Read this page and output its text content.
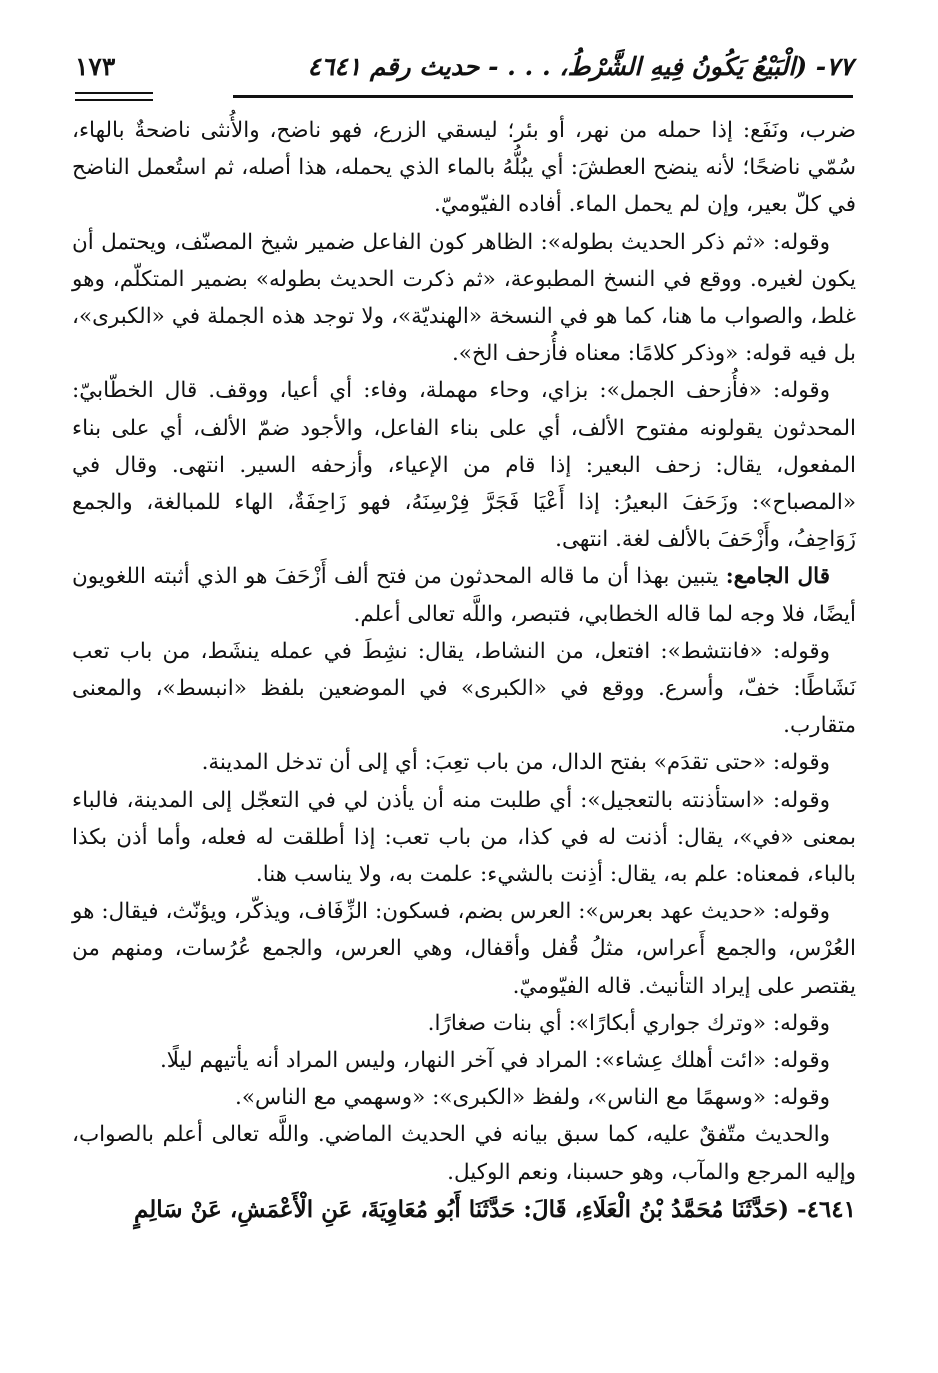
٧٧- (الْبَيْعُ يَكُونُ فِيهِ الشَّرْطُ، . . . - حديث رقم ٤٦٤١
١٧٣

ضرب، ونَفَع: إذا حمله من نهر، أو بئر؛ ليسقي الزرع، فهو ناضح، والأُنثى ناضحةٌ بالهاء، سُمّي ناضحًا؛ لأنه ينضح العطشَ: أي يبُلُّهُ بالماء الذي يحمله، هذا أصله، ثم استُعمل الناضح في كلّ بعير، وإن لم يحمل الماء. أفاده الفيّوميّ.

وقوله: «ثم ذكر الحديث بطوله»: الظاهر كون الفاعل ضمير شيخ المصنّف، ويحتمل أن يكون لغيره. ووقع في النسخ المطبوعة، «ثم ذكرت الحديث بطوله» بضمير المتكلّم، وهو غلط، والصواب ما هنا، كما هو في النسخة «الهنديّة»، ولا توجد هذه الجملة في «الكبرى»، بل فيه قوله: «وذكر كلامًا: معناه فأُزحف الخ».

وقوله: «فأُزحف الجمل»: بزاي، وحاء مهملة، وفاء: أي أعيا، ووقف. قال الخطّابيّ: المحدثون يقولونه مفتوح الألف، أي على بناء الفاعل، والأجود ضمّ الألف، أي على بناء المفعول، يقال: زحف البعير: إذا قام من الإعياء، وأزحفه السير. انتهى. وقال في «المصباح»: وزَحَفَ البعيرُ: إذا أَعْيَا فَجَرَّ فِرْسِنَهُ، فهو زَاحِفَةٌ، الهاء للمبالغة، والجمع زَوَاحِفُ، وأَزْحَفَ بالألف لغة. انتهى.

قال الجامع: يتبين بهذا أن ما قاله المحدثون من فتح ألف أَزْحَفَ هو الذي أثبته اللغويون أيضًا، فلا وجه لما قاله الخطابي، فتبصر، واللَّه تعالى أعلم.

وقوله: «فانتشط»: افتعل، من النشاط، يقال: نشِطَ في عمله ينشَط، من باب تعب نَشَاطًا: خفّ، وأسرع. ووقع في «الكبرى» في الموضعين بلفظ «انبسط»، والمعنى متقارب.

وقوله: «حتى تقدَم» بفتح الدال، من باب تعِبَ: أي إلى أن تدخل المدينة.

وقوله: «استأذنته بالتعجيل»: أي طلبت منه أن يأذن لي في التعجّل إلى المدينة، فالباء بمعنى «في»، يقال: أذنت له في كذا، من باب تعب: إذا أطلقت له فعله، وأما أذن بكذا بالباء، فمعناه: علم به، يقال: أذِنت بالشيء: علمت به، ولا يناسب هنا.

وقوله: «حديث عهد بعرس»: العرس بضم، فسكون: الزِّفَاف، ويذكّر، ويؤنّث، فيقال: هو العُرْس، والجمع أَعراس، مثلُ قُفل وأقفال، وهي العرس، والجمع عُرُسات، ومنهم من يقتصر على إيراد التأنيث. قاله الفيّوميّ.

وقوله: «وترك جواري أبكارًا»: أي بنات صغارًا.

وقوله: «ائت أهلك عِشاء»: المراد في آخر النهار، وليس المراد أنه يأتيهم ليلًا.

وقوله: «وسهمًا مع الناس»، ولفظ «الكبرى»: «وسهمي مع الناس».

والحديث متّفقٌ عليه، كما سبق بيانه في الحديث الماضي. واللَّه تعالى أعلم بالصواب، وإليه المرجع والمآب، وهو حسبنا، ونعم الوكيل.

٤٦٤١- (حَدَّثَنَا مُحَمَّدُ بْنُ الْعَلَاءِ، قَالَ: حَدَّثَنَا أَبُو مُعَاوِيَةَ، عَنِ الْأَعْمَشِ، عَنْ سَالِمٍ
